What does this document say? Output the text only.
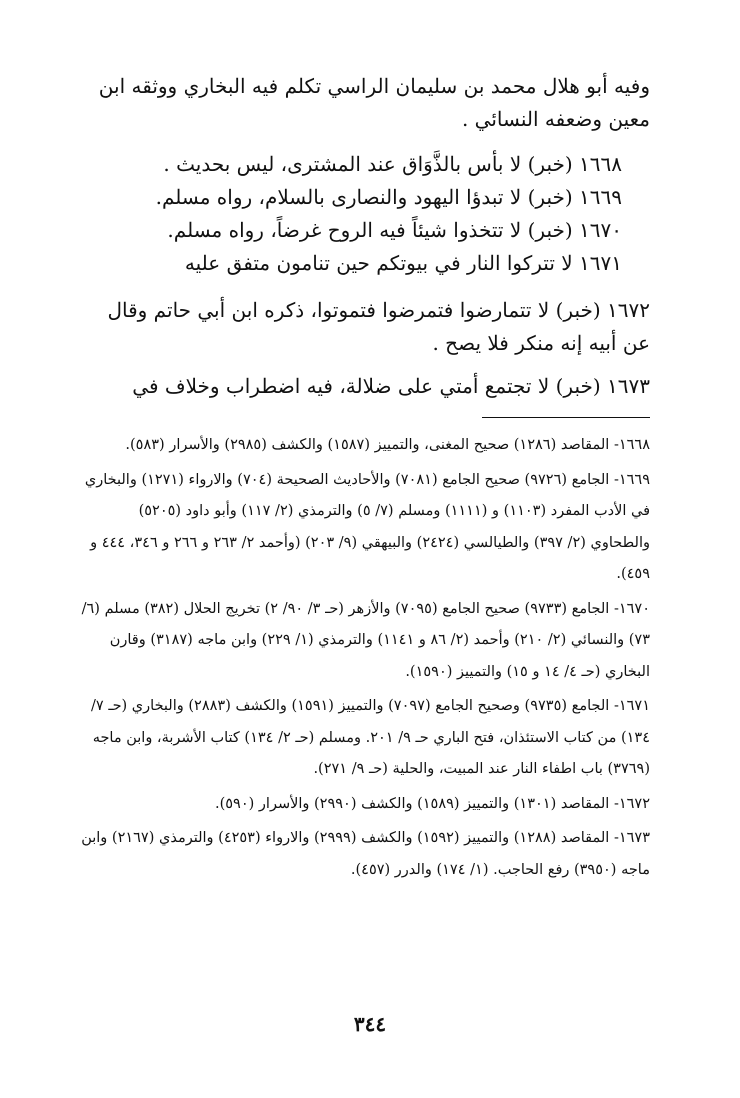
وفيه أبو هلال محمد بن سليمان الراسي تكلم فيه البخاري ووثقه ابن معين وضعفه النسائي .

١٦٦٨ (خبر) لا بأس بالذَّوَاق عند المشترى، ليس بحديث .

١٦٦٩ (خبر) لا تبدؤا اليهود والنصارى بالسلام، رواه مسلم.

١٦٧٠ (خبر) لا تتخذوا شيئاً فيه الروح غرضاً، رواه مسلم.

١٦٧١ لا تتركوا النار في بيوتكم حين تنامون متفق عليه

١٦٧٢ (خبر) لا تتمارضوا فتمرضوا فتموتوا، ذكره ابن أبي حاتم وقال عن أبيه إنه منكر فلا يصح .

١٦٧٣ (خبر) لا تجتمع أمتي على ضلالة، فيه اضطراب وخلاف في

١٦٦٨- المقاصد (١٢٨٦) صحيح المغنى، والتمييز (١٥٨٧) والكشف (٢٩٨٥) والأسرار (٥٨٣).

١٦٦٩- الجامع (٩٧٢٦) صحيح الجامع (٧٠٨١) والأحاديث الصحيحة (٧٠٤) والارواء (١٢٧١) والبخاري في الأدب المفرد (١١٠٣) و (١١١١) ومسلم (٧/ ٥) والترمذي (٢/ ١١٧) وأبو داود (٥٢٠٥) والطحاوي (٢/ ٣٩٧) والطيالسي (٢٤٢٤) والبيهقي (٩/ ٢٠٣) (وأحمد ٢/ ٢٦٣ و ٢٦٦ و ٣٤٦، ٤٤٤ و ٤٥٩).

١٦٧٠- الجامع (٩٧٣٣) صحيح الجامع (٧٠٩٥) والأزهر (حـ ٣/ ٩٠/ ٢) تخريج الحلال (٣٨٢) مسلم (٦/ ٧٣) والنسائي (٢/ ٢١٠) وأحمد (٢/ ٨٦ و ١١٤١) والترمذي (١/ ٢٢٩) وابن ماجه (٣١٨٧) وقارن البخاري (حـ ٤/ ١٤ و ١٥) والتمييز (١٥٩٠).

١٦٧١- الجامع (٩٧٣٥) وصحيح الجامع (٧٠٩٧) والتمييز (١٥٩١) والكشف (٢٨٨٣) والبخاري (حـ ٧/ ١٣٤) من كتاب الاستئذان، فتح الباري حـ ٩/ ٢٠١. ومسلم (حـ ٢/ ١٣٤) كتاب الأشربة، وابن ماجه (٣٧٦٩) باب اطفاء النار عند المبيت، والحلية (حـ ٩/ ٢٧١).

١٦٧٢- المقاصد (١٣٠١) والتمييز (١٥٨٩) والكشف (٢٩٩٠) والأسرار (٥٩٠).

١٦٧٣- المقاصد (١٢٨٨) والتمييز (١٥٩٢) والكشف (٢٩٩٩) والارواء (٤٢٥٣) والترمذي (٢١٦٧) وابن ماجه (٣٩٥٠) رفع الحاجب. (١/ ١٧٤) والدرر (٤٥٧).

٣٤٤
